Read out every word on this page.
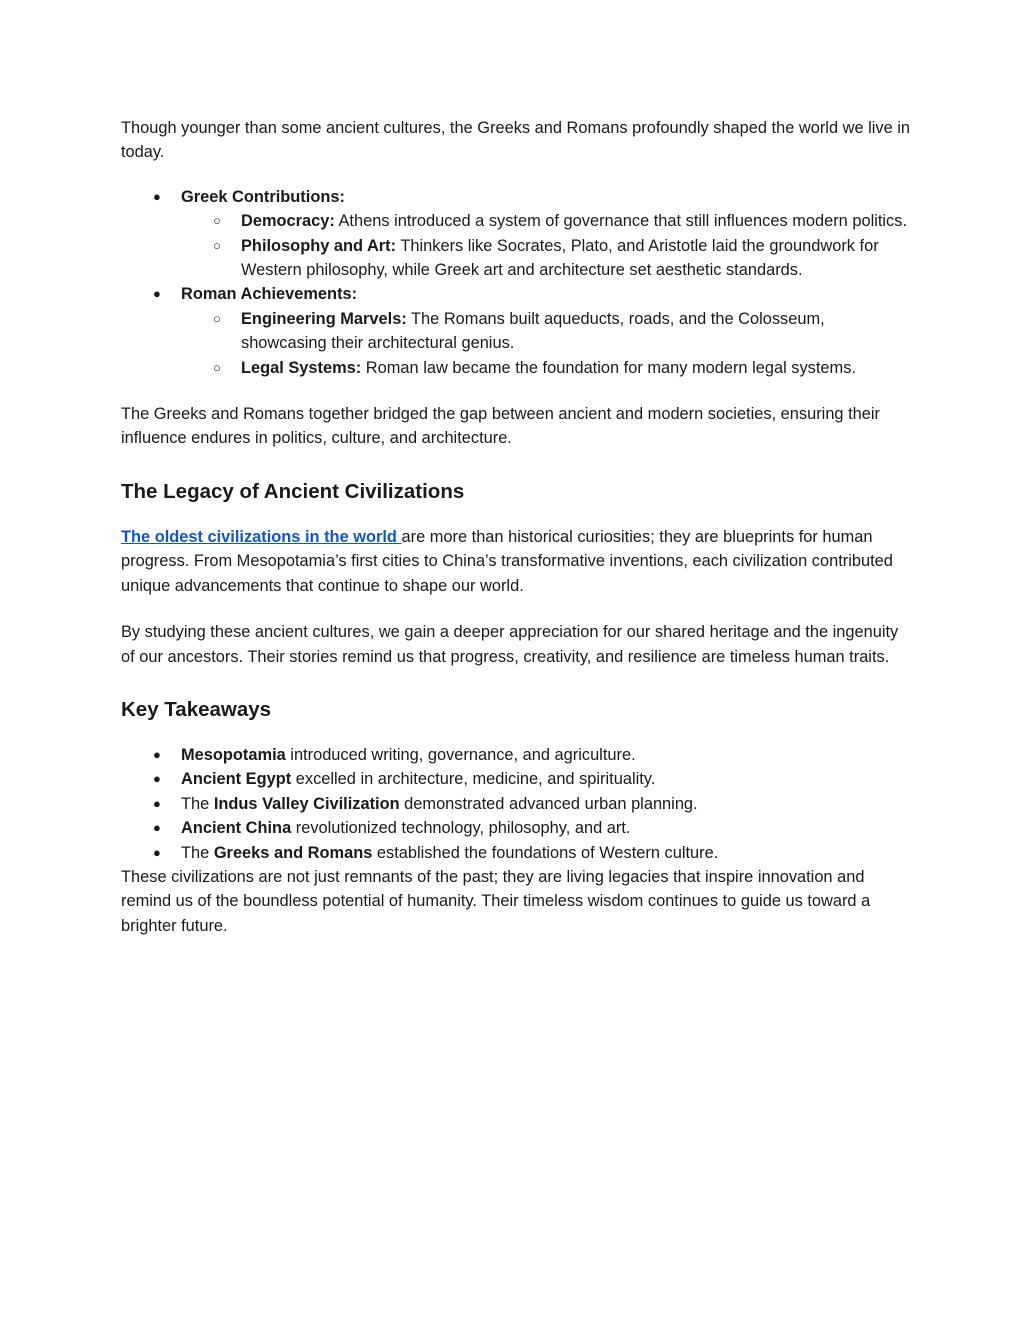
Though younger than some ancient cultures, the Greeks and Romans profoundly shaped the world we live in today.

● Greek Contributions:
○ Democracy: Athens introduced a system of governance that still influences modern politics.
○ Philosophy and Art: Thinkers like Socrates, Plato, and Aristotle laid the groundwork for Western philosophy, while Greek art and architecture set aesthetic standards.
● Roman Achievements:
○ Engineering Marvels: The Romans built aqueducts, roads, and the Colosseum, showcasing their architectural genius.
○ Legal Systems: Roman law became the foundation for many modern legal systems.

The Greeks and Romans together bridged the gap between ancient and modern societies, ensuring their influence endures in politics, culture, and architecture.

The Legacy of Ancient Civilizations

The oldest civilizations in the world are more than historical curiosities; they are blueprints for human progress. From Mesopotamia’s first cities to China’s transformative inventions, each civilization contributed unique advancements that continue to shape our world.

By studying these ancient cultures, we gain a deeper appreciation for our shared heritage and the ingenuity of our ancestors. Their stories remind us that progress, creativity, and resilience are timeless human traits.

Key Takeaways
● Mesopotamia introduced writing, governance, and agriculture.
● Ancient Egypt excelled in architecture, medicine, and spirituality.
● The Indus Valley Civilization demonstrated advanced urban planning.
● Ancient China revolutionized technology, philosophy, and art.
● The Greeks and Romans established the foundations of Western culture.

These civilizations are not just remnants of the past; they are living legacies that inspire innovation and remind us of the boundless potential of humanity. Their timeless wisdom continues to guide us toward a brighter future.
